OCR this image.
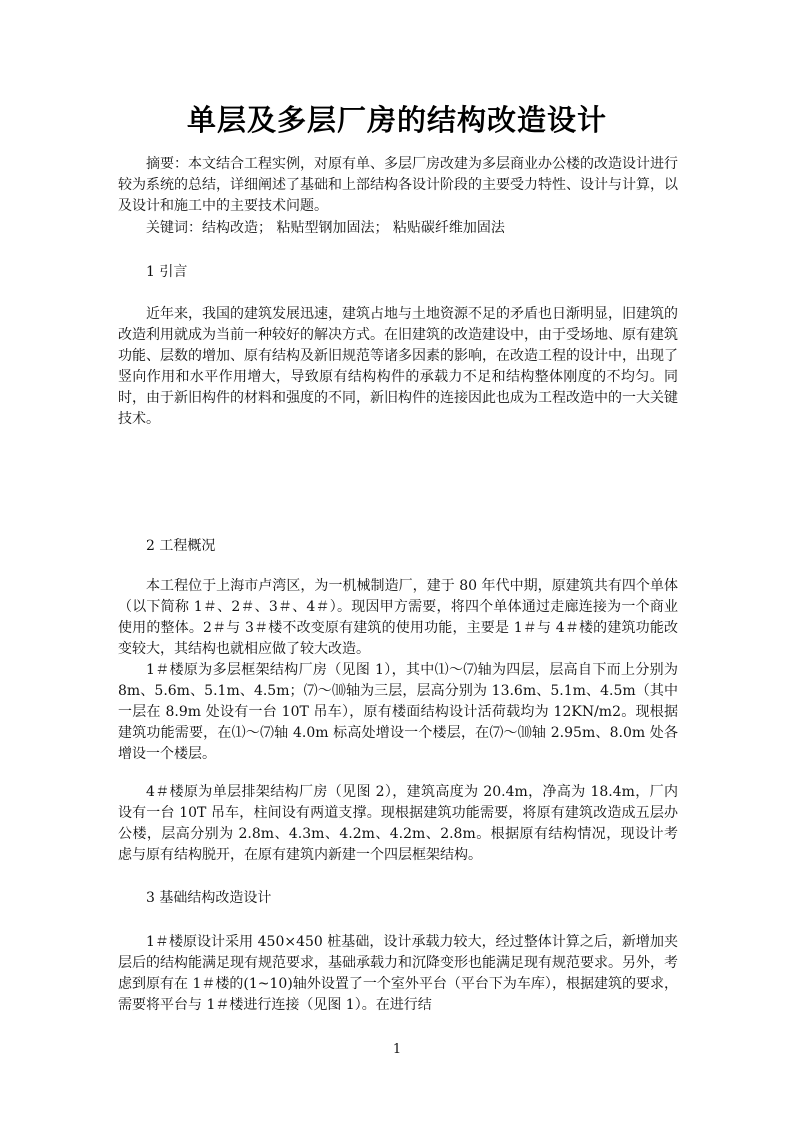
单层及多层厂房的结构改造设计
摘要：本文结合工程实例，对原有单、多层厂房改建为多层商业办公楼的改造设计进行较为系统的总结，详细阐述了基础和上部结构各设计阶段的主要受力特性、设计与计算，以及设计和施工中的主要技术问题。
关键词：结构改造； 粘贴型钢加固法； 粘贴碳纤维加固法
1 引言
近年来，我国的建筑发展迅速，建筑占地与土地资源不足的矛盾也日渐明显，旧建筑的改造利用就成为当前一种较好的解决方式。在旧建筑的改造建设中，由于受场地、原有建筑功能、层数的增加、原有结构及新旧规范等诸多因素的影响，在改造工程的设计中，出现了竖向作用和水平作用增大，导致原有结构构件的承载力不足和结构整体刚度的不均匀。同时，由于新旧构件的材料和强度的不同，新旧构件的连接因此也成为工程改造中的一大关键技术。
2 工程概况
本工程位于上海市卢湾区，为一机械制造厂，建于 80 年代中期，原建筑共有四个单体（以下简称 1＃、2＃、3＃、4＃）。现因甲方需要，将四个单体通过走廊连接为一个商业使用的整体。2＃与 3＃楼不改变原有建筑的使用功能，主要是 1＃与 4＃楼的建筑功能改变较大，其结构也就相应做了较大改造。
1＃楼原为多层框架结构厂房（见图 1），其中⑴～⑺轴为四层，层高自下而上分别为 8m、5.6m、5.1m、4.5m；⑺～⑽轴为三层，层高分别为 13.6m、5.1m、4.5m（其中一层在 8.9m 处设有一台 10T 吊车），原有楼面结构设计活荷载均为 12KN/m2。现根据建筑功能需要，在⑴～⑺轴 4.0m 标高处增设一个楼层，在⑺～⑽轴 2.95m、8.0m 处各增设一个楼层。
4＃楼原为单层排架结构厂房（见图 2），建筑高度为 20.4m，净高为 18.4m，厂内设有一台 10T 吊车，柱间设有两道支撑。现根据建筑功能需要，将原有建筑改造成五层办公楼，层高分别为 2.8m、4.3m、4.2m、4.2m、2.8m。根据原有结构情况，现设计考虑与原有结构脱开，在原有建筑内新建一个四层框架结构。
3 基础结构改造设计
1＃楼原设计采用 450×450 桩基础，设计承载力较大，经过整体计算之后，新增加夹层后的结构能满足现有规范要求，基础承载力和沉降变形也能满足现有规范要求。另外，考虑到原有在 1＃楼的(1~10)轴外设置了一个室外平台（平台下为车库），根据建筑的要求，需要将平台与 1＃楼进行连接（见图 1）。在进行结
1
